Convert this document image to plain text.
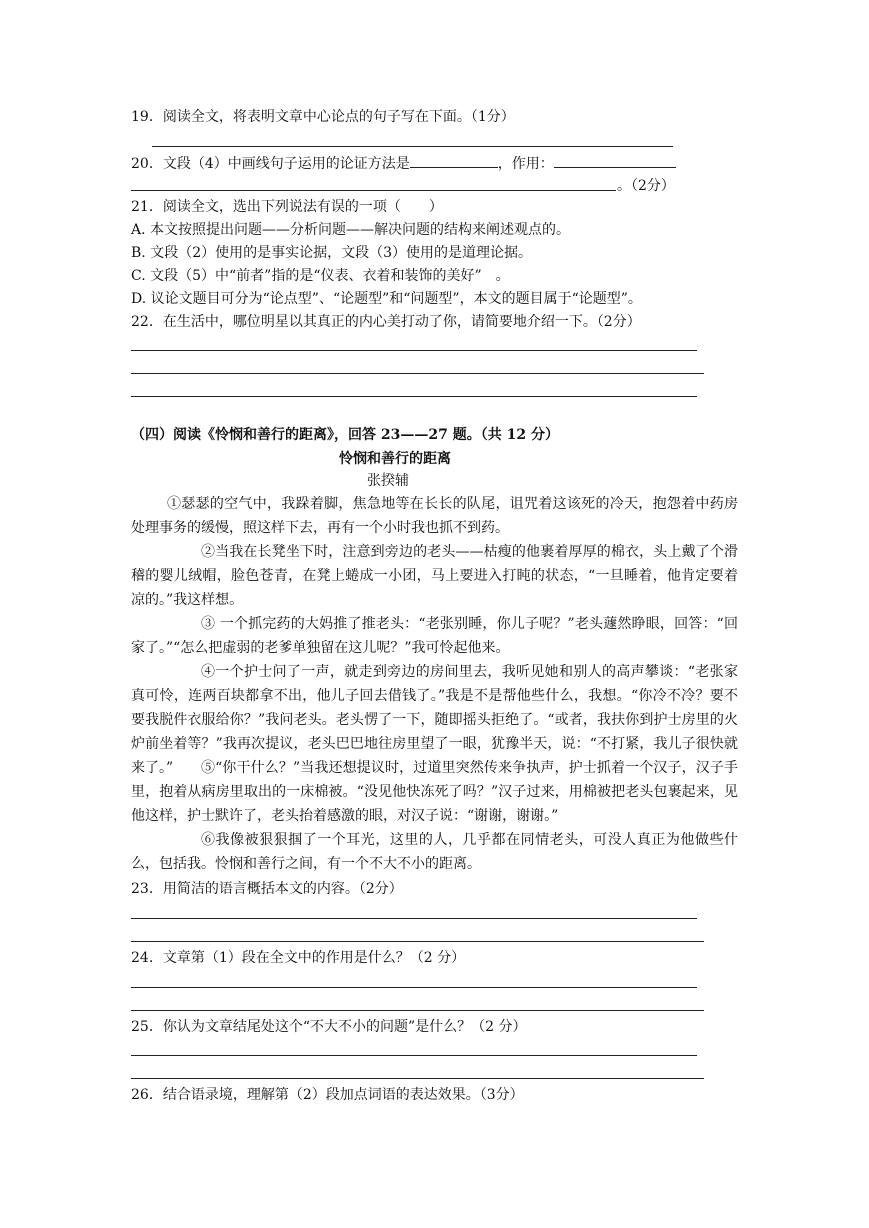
19．阅读全文，将表明文章中心论点的句子写在下面。（1分）
20．文段（4）中画线句子运用的论证方法是	，作用：
。（2分）
21．阅读全文，选出下列说法有误的一项（　　）
A. 本文按照提出问题——分析问题——解决问题的结构来阐述观点的。
B. 文段（2）使用的是事实论据，文段（3）使用的是道理论据。
C. 文段（5）中“前者”指的是“仪表、衣着和装饰的美好”　。
D. 议论文题目可分为“论点型”、“论题型”和“问题型”，本文的题目属于“论题型”。
22．在生活中，哪位明星以其真正的内心美打动了你，请简要地介绍一下。（2分）
（四）阅读《怜悯和善行的距离》，回答 23——27 题。（共 12 分）
怜悯和善行的距离
张揆辅
①瑟瑟的空气中，我跺着脚，焦急地等在长长的队尾，诅咒着这该死的冷天，抱怨着中药房处理事务的缓慢，照这样下去，再有一个小时我也抓不到药。
②当我在长凳坐下时，注意到旁边的老头——枯瘦的他裹着厚厚的棉衣，头上戴了个滑稽的婴儿绒帽，脸色苍青，在凳上蜷成一小团，马上要进入打盹的状态，“一旦睡着，他肯定要着凉的。”我这样想。
③ 一个抓完药的大妈推了推老头：“老张别睡，你儿子呢？”老头蘧然睁眼，回答：“回家了。”“怎么把虚弱的老爹单独留在这儿呢？”我可怜起他来。
④一个护士问了一声，就走到旁边的房间里去，我听见她和别人的高声攀谈：“老张家真可怜，连两百块都拿不出，他儿子回去借钱了。”我是不是帮他些什么，我想。“你冷不冷？要不要我脱件衣服给你？”我问老头。老头愣了一下，随即摇头拒绝了。“或者，我扶你到护士房里的火炉前坐着等？”我再次提议，老头巴巴地往房里望了一眼，犹豫半天，说：“不打紧，我儿子很快就来了。”	⑤“你干什么？”当我还想提议时，过道里突然传来争执声，护士抓着一个汉子，汉子手里，抱着从病房里取出的一床棉被。“没见他快冻死了吗？”汉子过来，用棉被把老头包裹起来，见他这样，护士默许了，老头抬着感激的眼，对汉子说：“谢谢，谢谢。”
⑥我像被狠狠掴了一个耳光，这里的人，几乎都在同情老头，可没人真正为他做些什么，包括我。怜悯和善行之间，有一个不大不小的距离。
23．用简洁的语言概括本文的内容。（2分）
24．文章第（1）段在全文中的作用是什么？（2 分）
25．你认为文章结尾处这个“不大不小的问题”是什么？（2 分）
26．结合语录境，理解第（2）段加点词语的表达效果。（3分）
